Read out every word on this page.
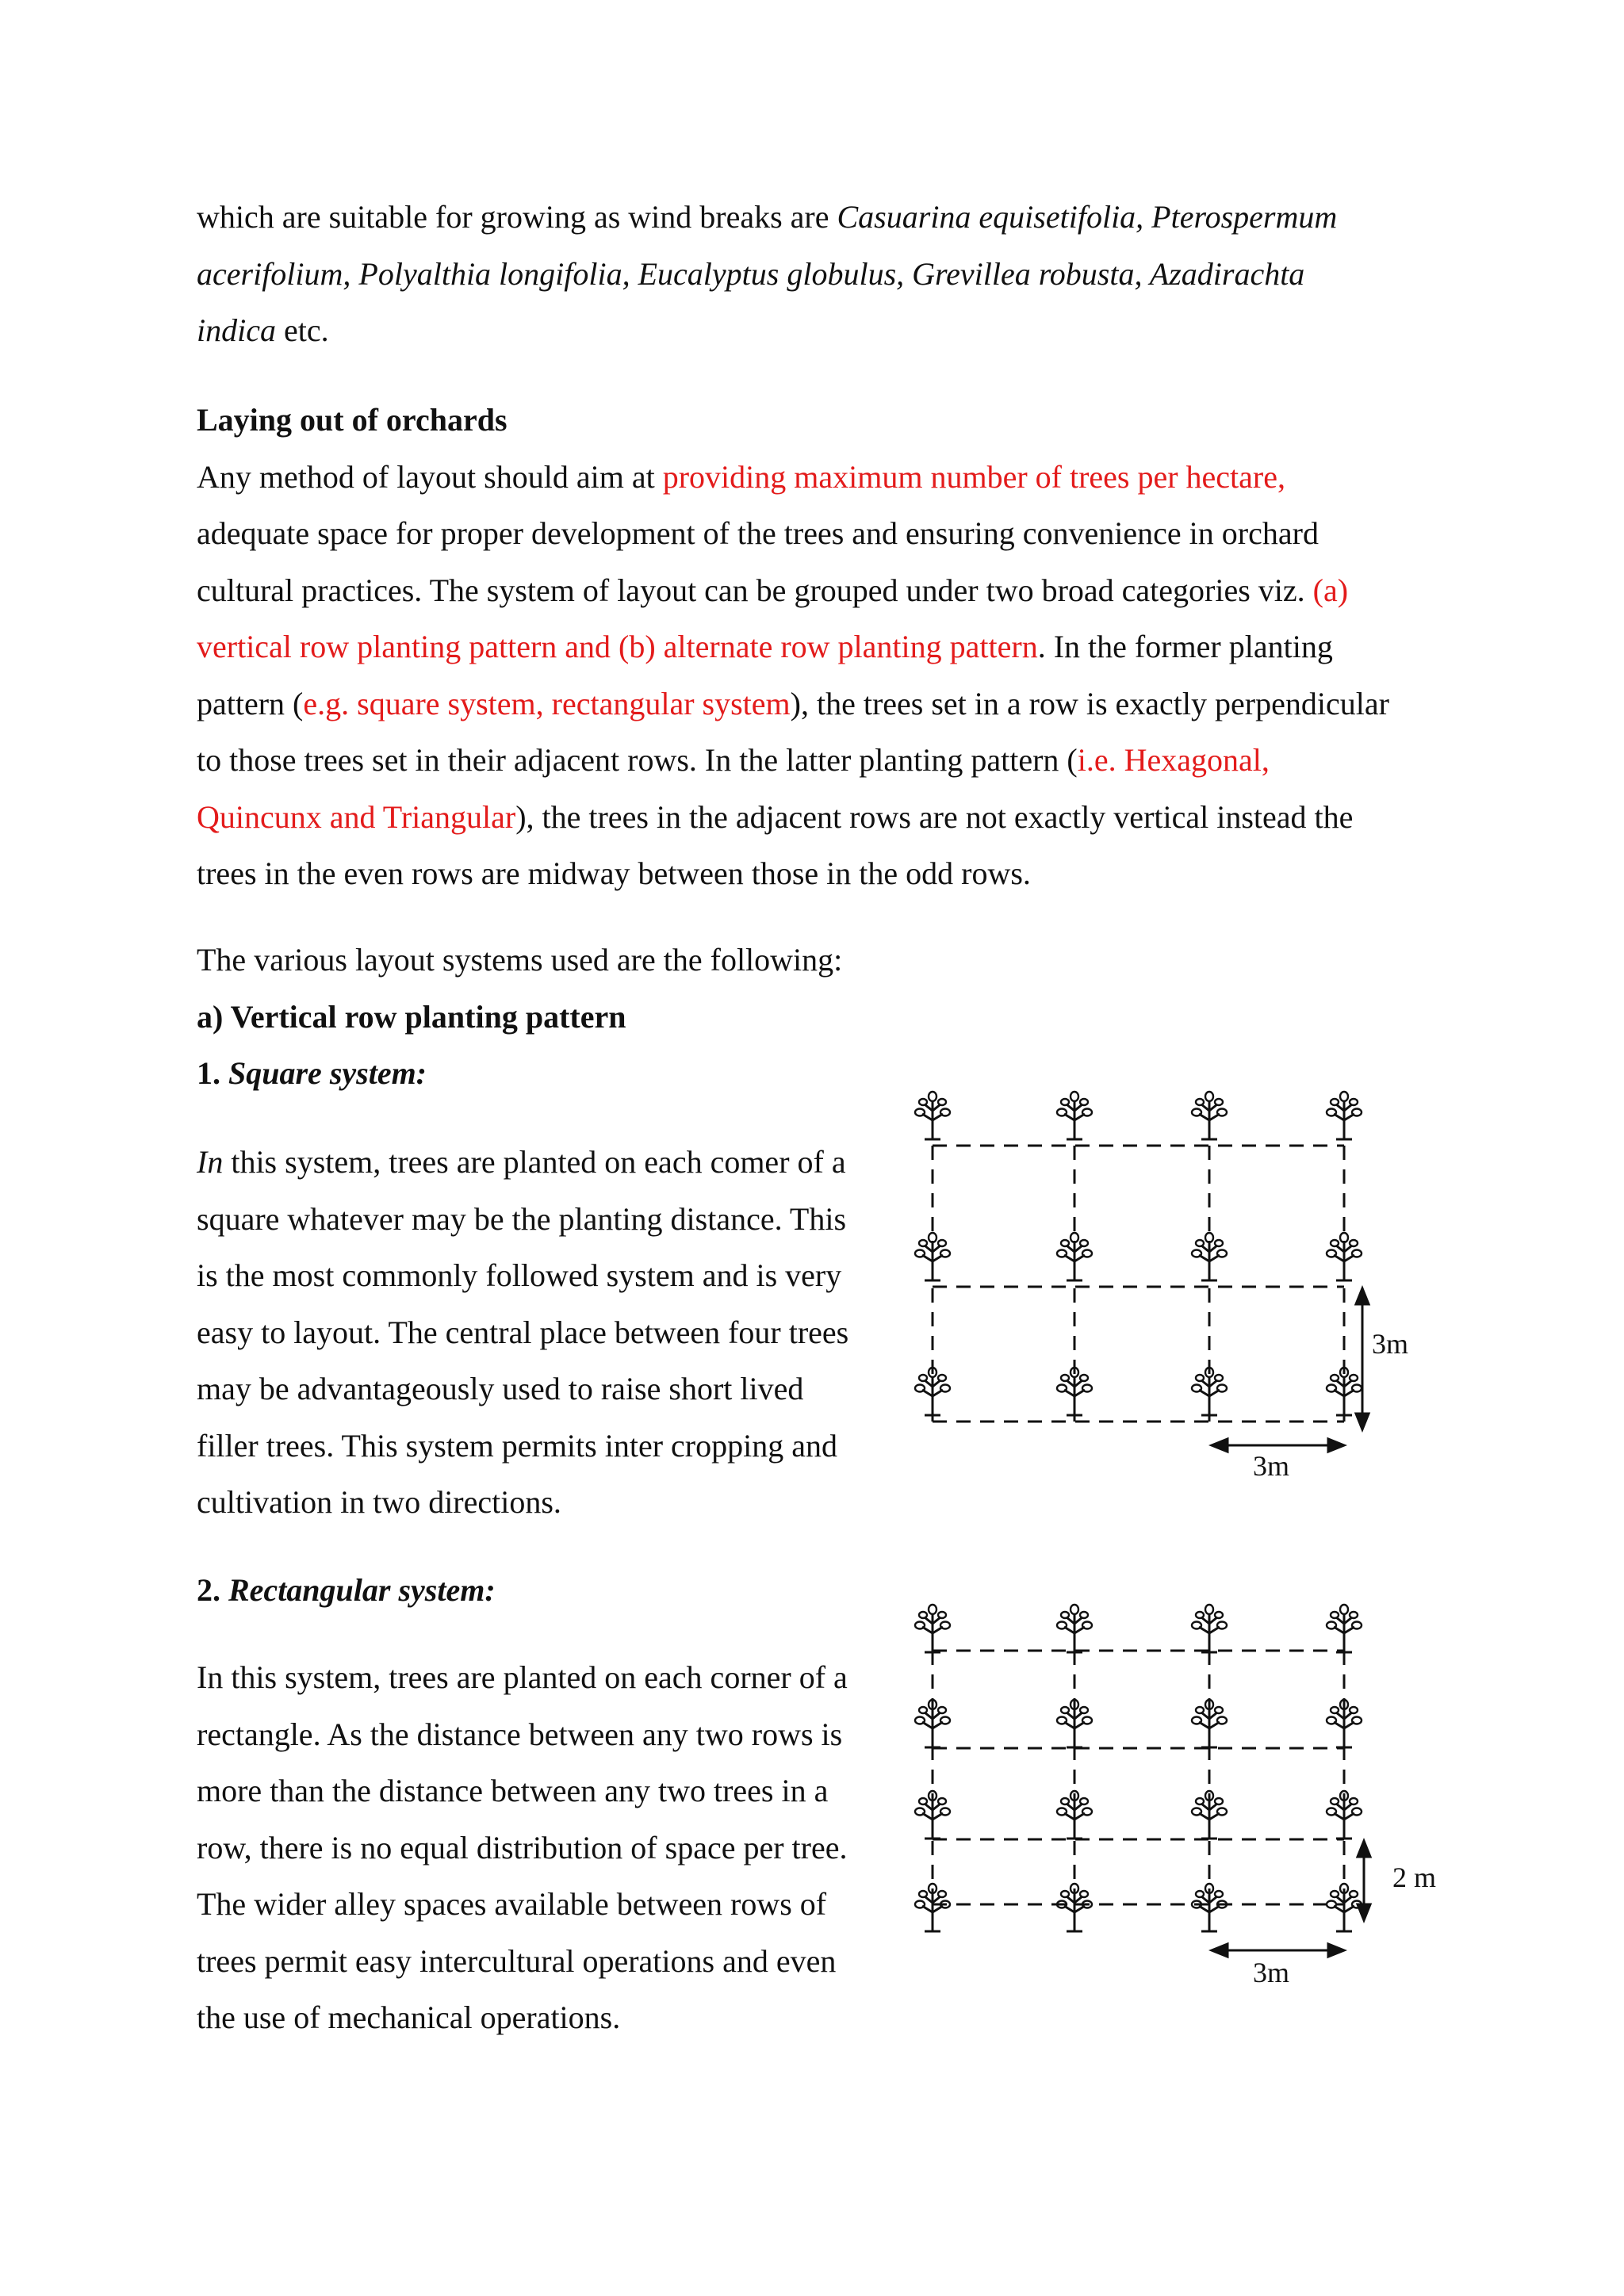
which are suitable for growing as wind breaks are Casuarina equisetifolia, Pterospermum

acerifolium, Polyalthia longifolia, Eucalyptus globulus, Grevillea robusta, Azadirachta

indica etc.

Laying out of orchards

Any method of layout should aim at providing maximum number of trees per hectare,

adequate space for proper development of the trees and ensuring convenience in orchard

cultural practices. The system of layout can be grouped under two broad categories viz. (a)

vertical row planting pattern and (b) alternate row planting pattern. In the former planting

pattern (e.g. square system, rectangular system), the trees set in a row is exactly perpendicular

to those trees set in their adjacent rows. In the latter planting pattern (i.e. Hexagonal,

Quincunx and Triangular), the trees in the adjacent rows are not exactly vertical instead the

trees in the even rows are midway between those in the odd rows.

The various layout systems used are the following:

a) Vertical row planting pattern

1. Square system:

In this system, trees are planted on each comer of a

square whatever may be the planting distance. This

is the most commonly followed system and is very

easy to layout. The central place between four trees

may be advantageously used to raise short lived

filler trees. This system permits inter cropping and

cultivation in two directions.

3m
3m

2. Rectangular system:

In this system, trees are planted on each corner of a

rectangle. As the distance between any two rows is

more than the distance between any two trees in a

row, there is no equal distribution of space per tree.

The wider alley spaces available between rows of

trees permit easy intercultural operations and even

the use of mechanical operations.

2 m
3m
